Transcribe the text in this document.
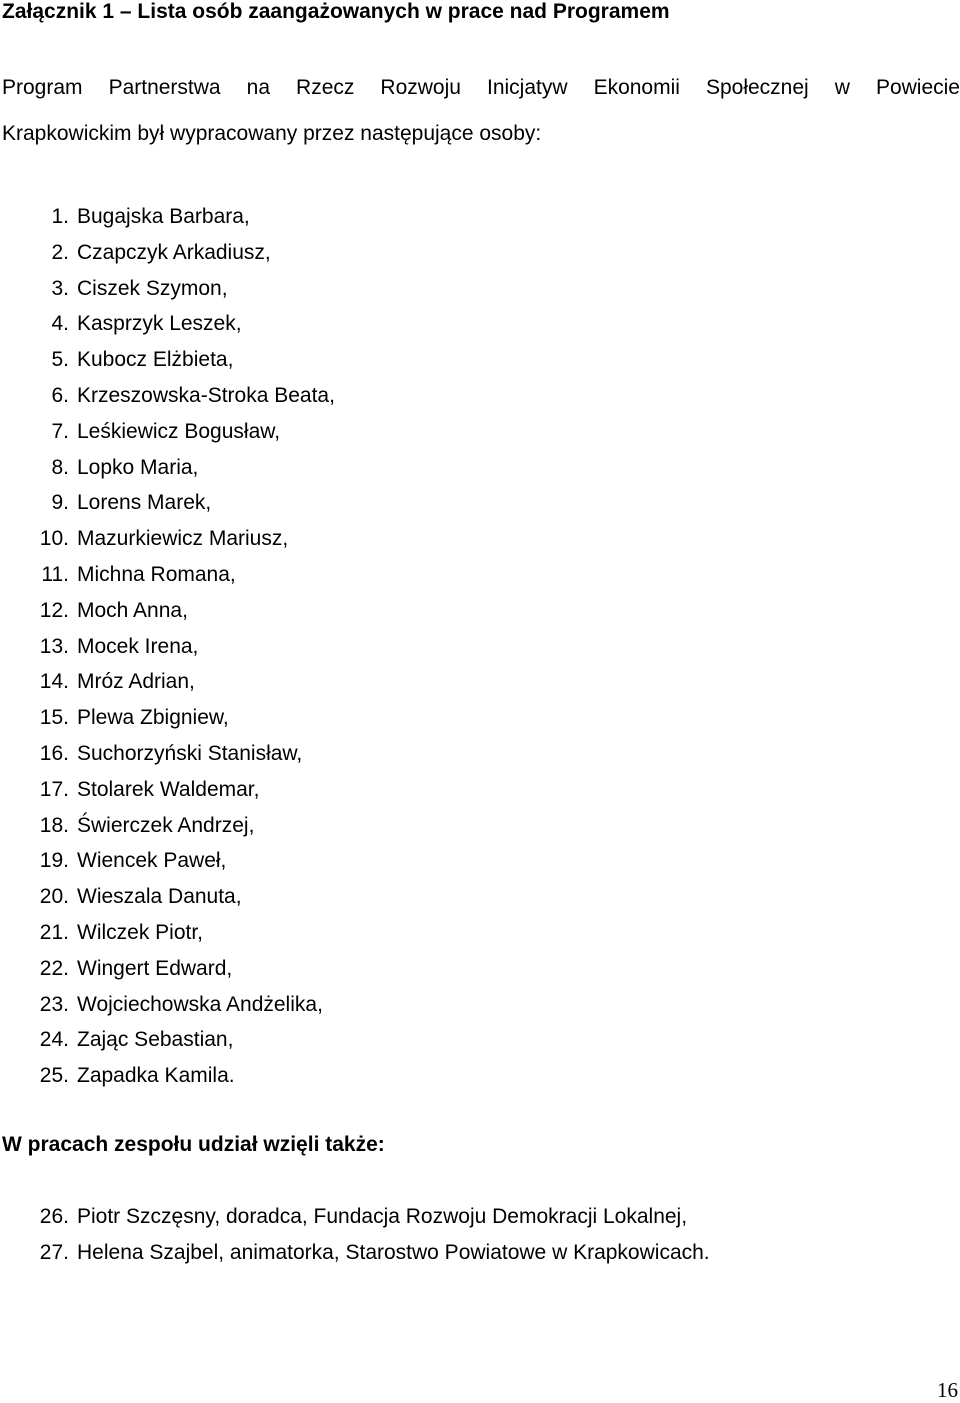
Załącznik 1 – Lista osób zaangażowanych w prace nad Programem
Program Partnerstwa na Rzecz Rozwoju Inicjatyw Ekonomii Społecznej w Powiecie
Krapkowickim był wypracowany przez następujące osoby:
1. Bugajska Barbara,
2. Czapczyk Arkadiusz,
3. Ciszek Szymon,
4. Kasprzyk Leszek,
5. Kubocz Elżbieta,
6. Krzeszowska-Stroka Beata,
7. Leśkiewicz Bogusław,
8. Lopko Maria,
9. Lorens Marek,
10. Mazurkiewicz Mariusz,
11. Michna Romana,
12. Moch Anna,
13. Mocek Irena,
14. Mróz Adrian,
15. Plewa Zbigniew,
16. Suchorzyński Stanisław,
17. Stolarek Waldemar,
18. Świerczek Andrzej,
19. Wiencek Paweł,
20. Wieszala Danuta,
21. Wilczek Piotr,
22. Wingert Edward,
23. Wojciechowska Andżelika,
24. Zając Sebastian,
25. Zapadka Kamila.
W pracach zespołu udział wzięli także:
26. Piotr Szczęsny, doradca, Fundacja Rozwoju Demokracji Lokalnej,
27. Helena Szajbel, animatorka, Starostwo Powiatowe w Krapkowicach.
16
